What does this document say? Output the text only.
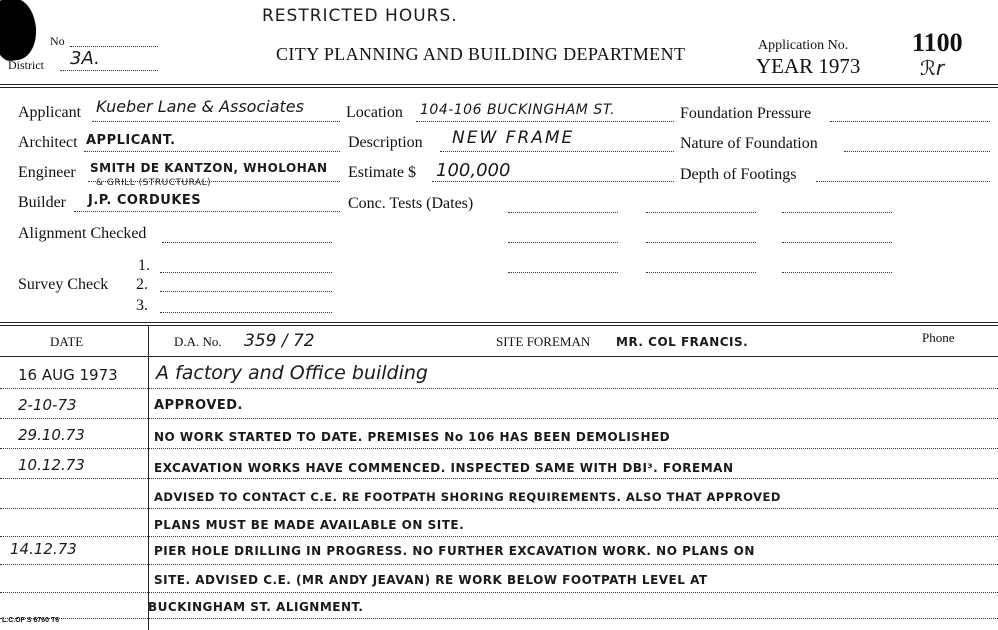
RESTRICTED HOURS.
No
District 3A.	CITY PLANNING AND BUILDING DEPARTMENT	Application No.
YEAR 1973
1100
ℛr
Applicant Kueber Lane & Associates
Architect APPLICANT.
Engineer SMITH DE KANTZON, WHOLOHAN
& GRILL (STRUCTURAL)
Builder J.P. CORDUKES
Alignment Checked
Survey Check
1.
2.
3.
Location 104-106 BUCKINGHAM ST.
Description NEW FRAME
Estimate $ 100,000
Conc. Tests (Dates)
Foundation Pressure
Nature of Foundation
Depth of Footings
DATE	D.A. No. 359 / 72	SITE FOREMAN MR. COL FRANCIS.	Phone
16 AUG 1973 A factory and Office building
2-10-73	APPROVED.
29.10.73	NO WORK STARTED TO DATE. PREMISES No 106 HAS BEEN DEMOLISHED
10.12.73	EXCAVATION WORKS HAVE COMMENCED. INSPECTED SAME WITH DBI³. FOREMAN
ADVISED TO CONTACT C.E. RE FOOTPATH SHORING REQUIREMENTS. ALSO THAT APPROVED
PLANS MUST BE MADE AVAILABLE ON SITE.
14.12.73	PIER HOLE DRILLING IN PROGRESS. NO FURTHER EXCAVATION WORK. NO PLANS ON
SITE. ADVISED C.E. (MR ANDY JEAVAN) RE WORK BELOW FOOTPATH LEVEL AT
BUCKINGHAM ST. ALIGNMENT.
L.C.OF S 6760 T6
